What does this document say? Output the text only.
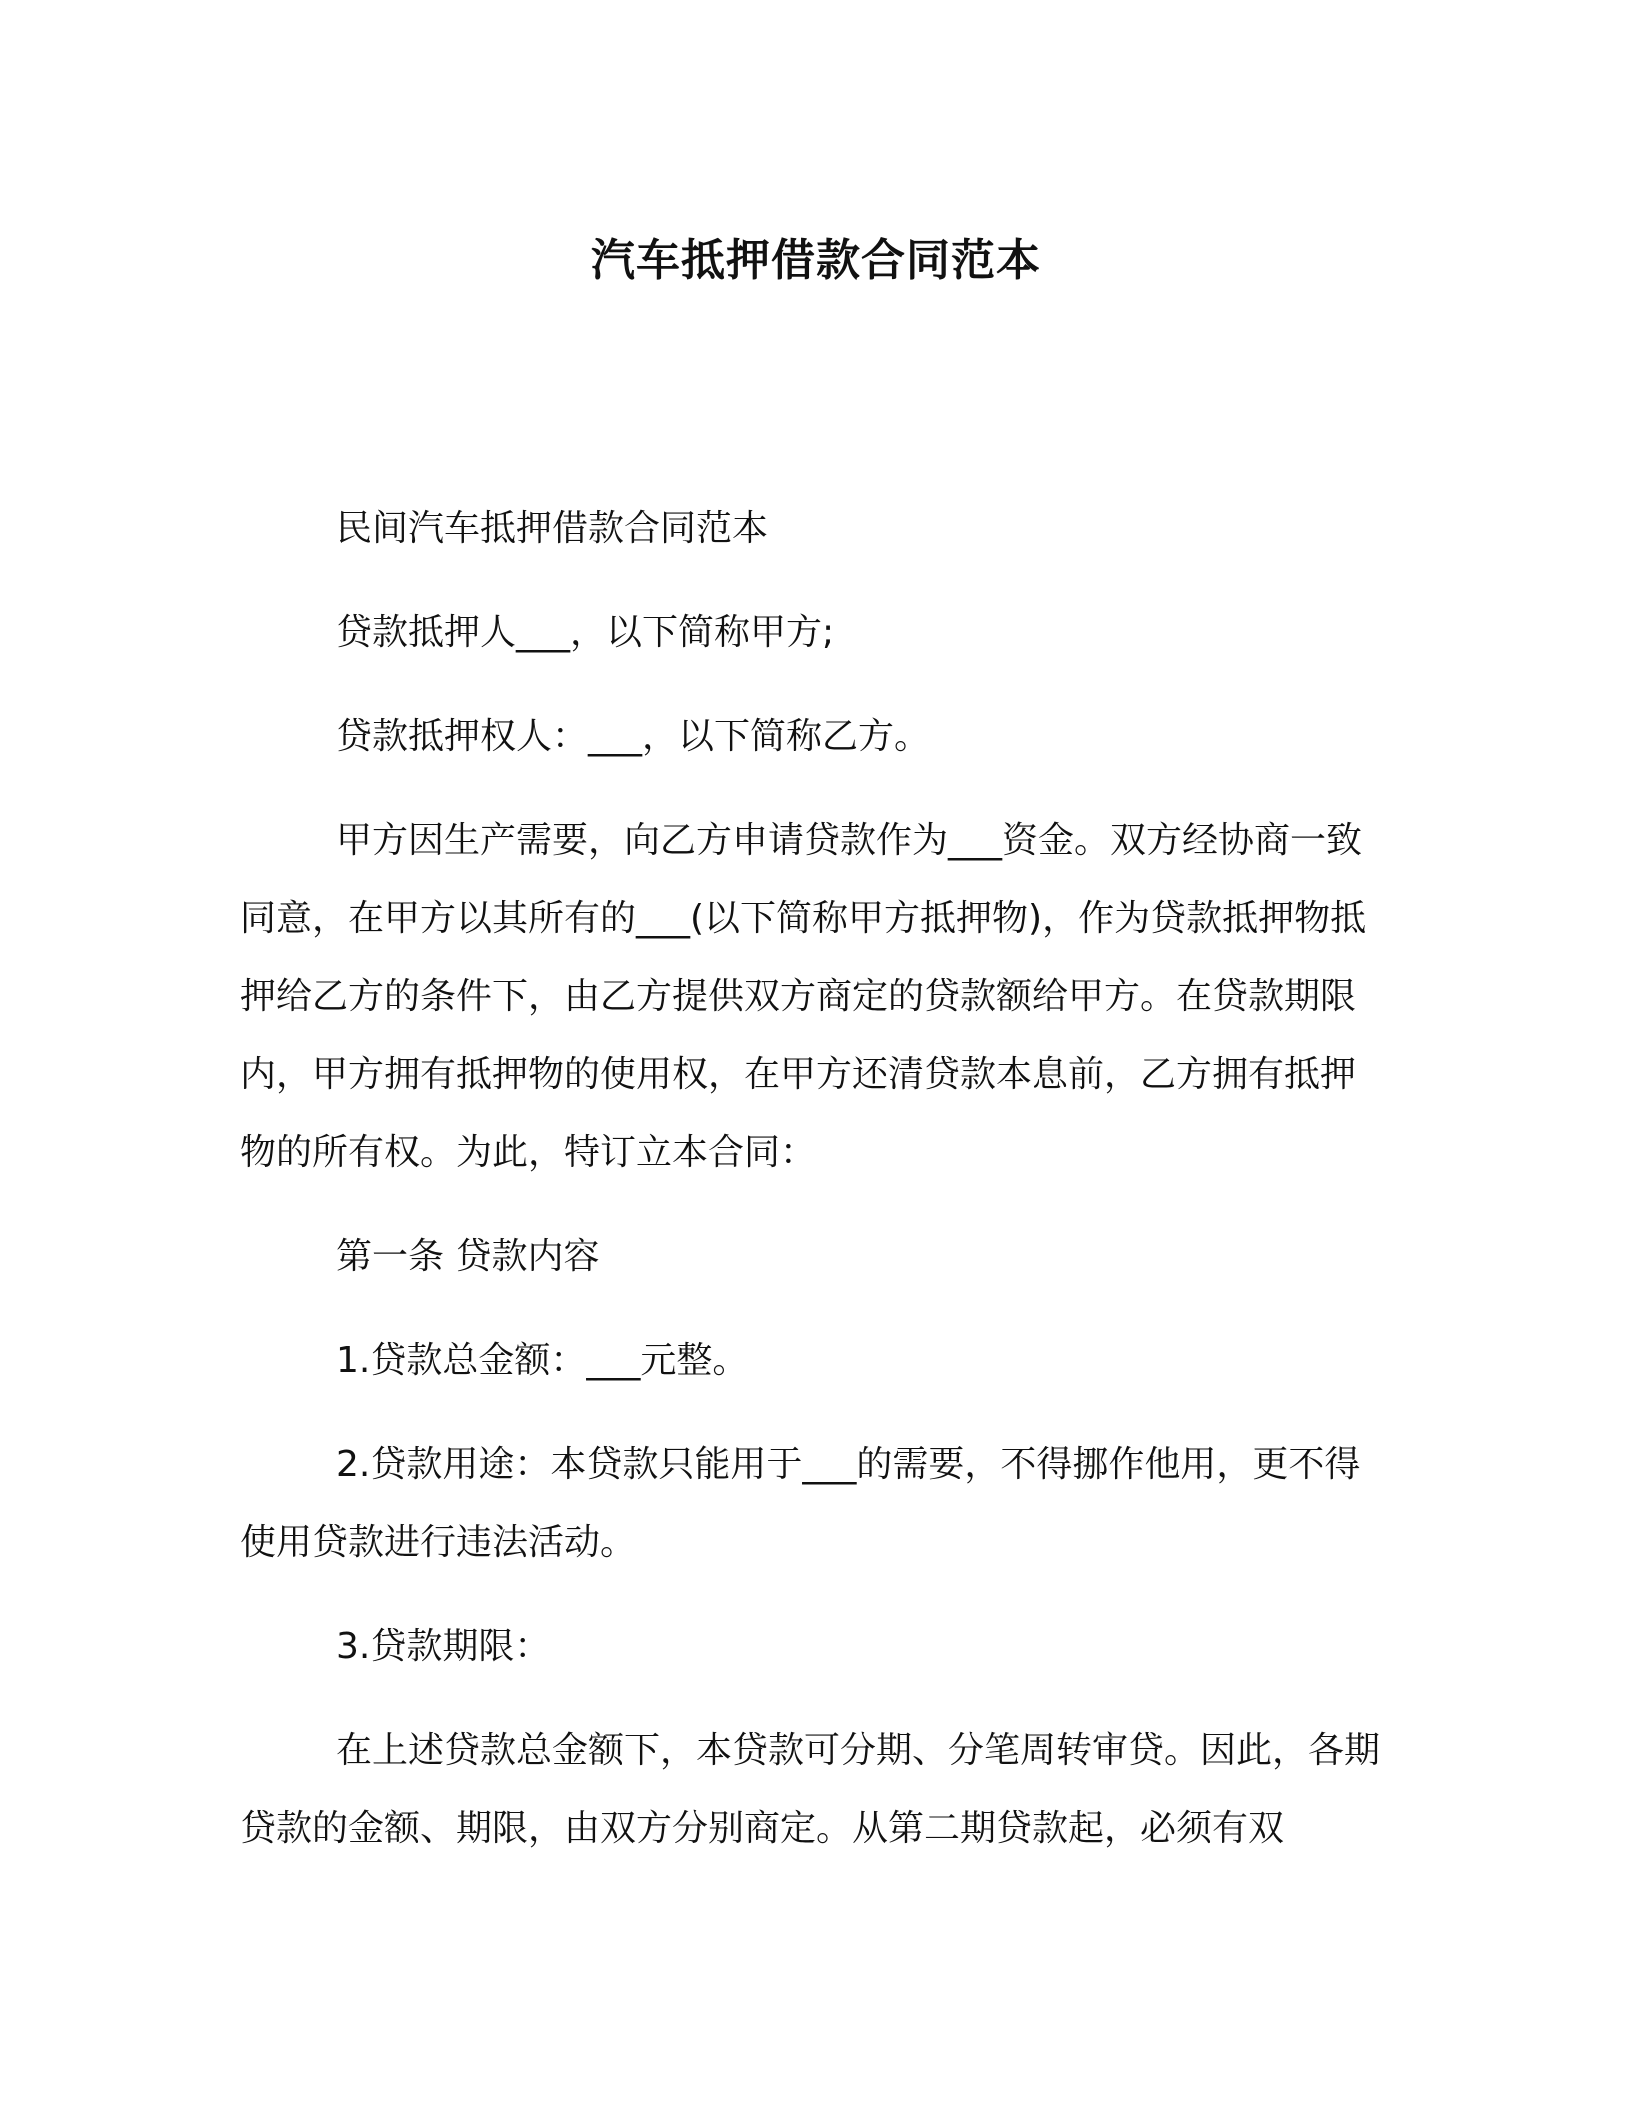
汽车抵押借款合同范本

民间汽车抵押借款合同范本

贷款抵押人___，以下简称甲方;

贷款抵押权人：___，以下简称乙方。

甲方因生产需要，向乙方申请贷款作为___资金。双方经协商一致同意，在甲方以其所有的___(以下简称甲方抵押物)，作为贷款抵押物抵押给乙方的条件下，由乙方提供双方商定的贷款额给甲方。在贷款期限内，甲方拥有抵押物的使用权，在甲方还清贷款本息前，乙方拥有抵押物的所有权。为此，特订立本合同：

第一条 贷款内容

1.贷款总金额：___元整。

2.贷款用途：本贷款只能用于___的需要，不得挪作他用，更不得使用贷款进行违法活动。

3.贷款期限：

在上述贷款总金额下，本贷款可分期、分笔周转审贷。因此，各期贷款的金额、期限，由双方分别商定。从第二期贷款起，必须有双
